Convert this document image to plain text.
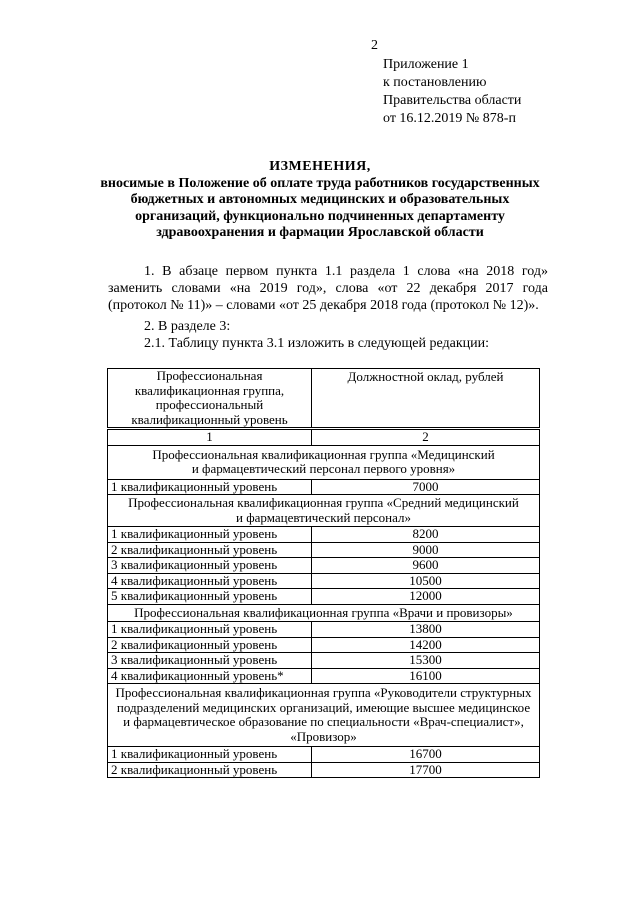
2
Приложение 1
к постановлению
Правительства области
от 16.12.2019 № 878-п
ИЗМЕНЕНИЯ,
вносимые в Положение об оплате труда работников государственных
бюджетных и автономных медицинских и образовательных
организаций, функционально подчиненных департаменту
здравоохранения и фармации Ярославской области
1. В абзаце первом пункта 1.1 раздела 1 слова «на 2018 год» заменить словами «на 2019 год», слова «от 22 декабря 2017 года (протокол № 11)» – словами «от 25 декабря 2018 года (протокол № 12)».
2. В разделе 3:
2.1. Таблицу пункта 3.1 изложить в следующей редакции:
Профессиональная квалификационная группа, профессиональный квалификационный уровень	Должностной оклад, рублей
1	2

Профессиональная квалификационная группа «Медицинский
и фармацевтический персонал первого уровня»	

1 квалификационный уровень	7000

Профессиональная квалификационная группа «Средний медицинский
и фармацевтический персонал»	

1 квалификационный уровень	8200
2 квалификационный уровень	9000
3 квалификационный уровень	9600
4 квалификационный уровень	10500
5 квалификационный уровень	12000

Профессиональная квалификационная группа «Врачи и провизоры»	

1 квалификационный уровень	13800
2 квалификационный уровень	14200
3 квалификационный уровень	15300
4 квалификационный уровень*	16100

Профессиональная квалификационная группа «Руководители структурных
подразделений медицинских организаций, имеющие высшее медицинское
и фармацевтическое образование по специальности «Врач-специалист»,
«Провизор»	

1 квалификационный уровень	16700
2 квалификационный уровень	17700
